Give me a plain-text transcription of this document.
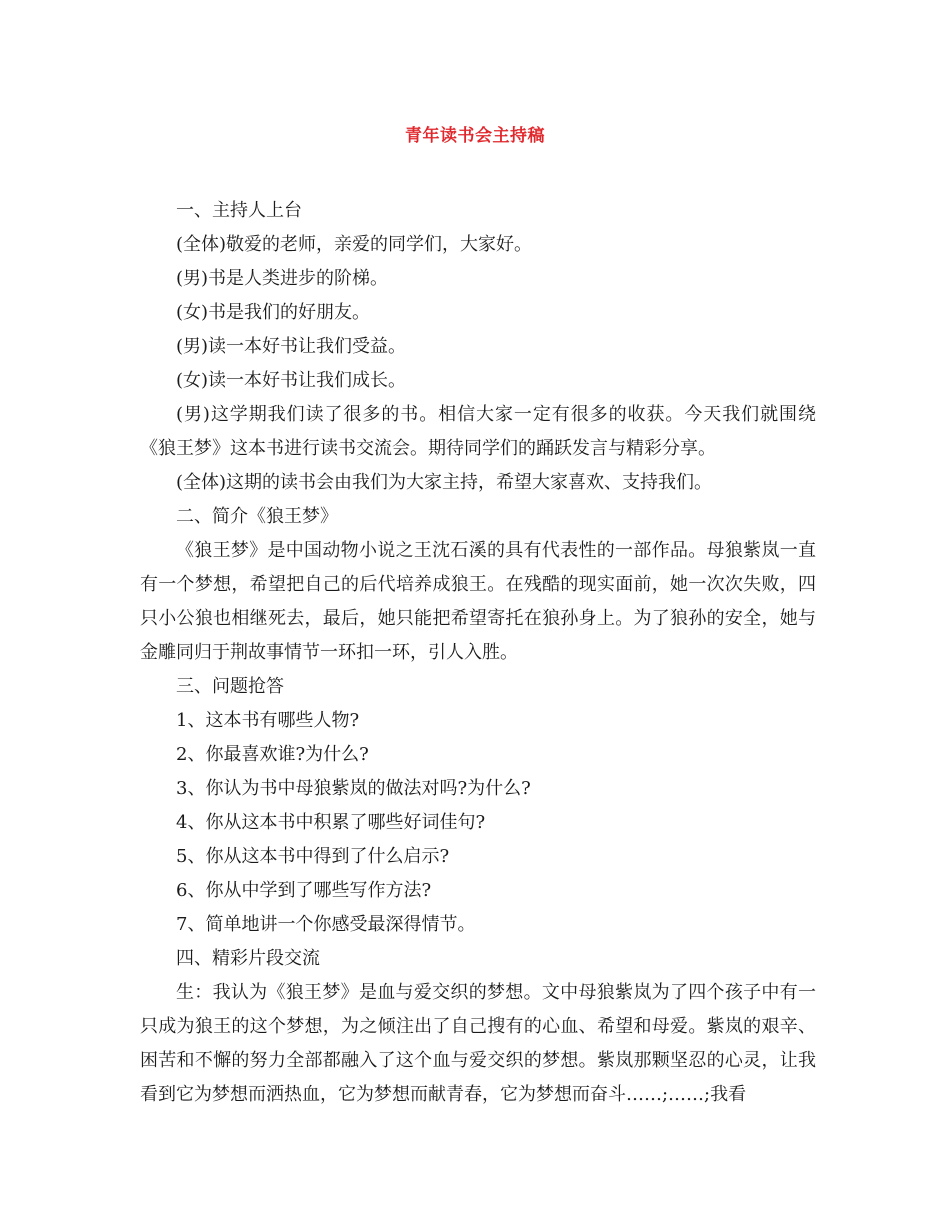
青年读书会主持稿

一、主持人上台

(全体)敬爱的老师，亲爱的同学们，大家好。

(男)书是人类进步的阶梯。

(女)书是我们的好朋友。

(男)读一本好书让我们受益。

(女)读一本好书让我们成长。

(男)这学期我们读了很多的书。相信大家一定有很多的收获。今天我们就围绕《狼王梦》这本书进行读书交流会。期待同学们的踊跃发言与精彩分享。

(全体)这期的读书会由我们为大家主持，希望大家喜欢、支持我们。

二、简介《狼王梦》

《狼王梦》是中国动物小说之王沈石溪的具有代表性的一部作品。母狼紫岚一直有一个梦想，希望把自己的后代培养成狼王。在残酷的现实面前，她一次次失败，四只小公狼也相继死去，最后，她只能把希望寄托在狼孙身上。为了狼孙的安全，她与金雕同归于荆故事情节一环扣一环，引人入胜。

三、问题抢答

1、这本书有哪些人物?

2、你最喜欢谁?为什么?

3、你认为书中母狼紫岚的做法对吗?为什么?

4、你从这本书中积累了哪些好词佳句?

5、你从这本书中得到了什么启示?

6、你从中学到了哪些写作方法?

7、简单地讲一个你感受最深得情节。

四、精彩片段交流

生：我认为《狼王梦》是血与爱交织的梦想。文中母狼紫岚为了四个孩子中有一只成为狼王的这个梦想，为之倾注出了自己搜有的心血、希望和母爱。紫岚的艰辛、困苦和不懈的努力全部都融入了这个血与爱交织的梦想。紫岚那颗坚忍的心灵，让我看到它为梦想而洒热血，它为梦想而献青春，它为梦想而奋斗……;……;我看
